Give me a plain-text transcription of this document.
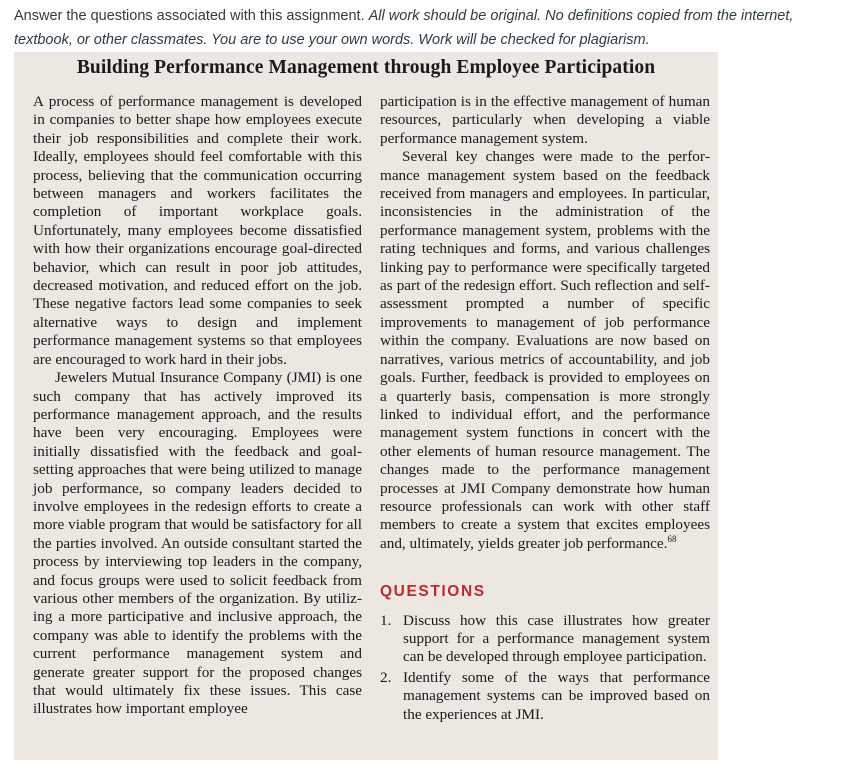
Answer the questions associated with this assignment. All work should be original. No definitions copied from the internet, textbook, or other classmates. You are to use your own words. Work will be checked for plagiarism.
Building Performance Management through Employee Participation

A process of performance management is developed in companies to better shape how employees execute their job responsibilities and complete their work. Ideally, employees should feel comfortable with this process, believing that the communication occurring between managers and workers facilitates the completion of important workplace goals. Unfortunately, many employees become dissatisfied with how their organizations encourage goal-directed behavior, which can result in poor job attitudes, decreased motivation, and reduced effort on the job. These negative factors lead some companies to seek alternative ways to design and implement performance management systems so that employees are encouraged to work hard in their jobs.

Jewelers Mutual Insurance Company (JMI) is one such company that has actively improved its performance management approach, and the results have been very encouraging. Employees were initially dissatisfied with the feedback and goal-setting approaches that were being utilized to manage job performance, so company leaders decided to involve employees in the redesign efforts to create a more viable program that would be satisfactory for all the parties involved. An outside consultant started the process by interviewing top leaders in the company, and focus groups were used to solicit feedback from various other members of the organization. By utilizing a more participative and inclusive approach, the company was able to identify the problems with the current performance management system and generate greater support for the proposed changes that would ultimately fix these issues. This case illustrates how important employee

participation is in the effective management of human resources, particularly when developing a viable performance management system.

Several key changes were made to the performance management system based on the feedback received from managers and employees. In particular, inconsistencies in the administration of the performance management system, problems with the rating techniques and forms, and various challenges linking pay to performance were specifically targeted as part of the redesign effort. Such reflection and self-assessment prompted a number of specific improvements to management of job performance within the company. Evaluations are now based on narratives, various metrics of accountability, and job goals. Further, feedback is provided to employees on a quarterly basis, compensation is more strongly linked to individual effort, and the performance management system functions in concert with the other elements of human resource management. The changes made to the performance management processes at JMI Company demonstrate how human resource professionals can work with other staff members to create a system that excites employees and, ultimately, yields greater job performance.$^{68}$

QUESTIONS
1. Discuss how this case illustrates how greater support for a performance management system can be developed through employee participation.
2. Identify some of the ways that performance management systems can be improved based on the experiences at JMI.
